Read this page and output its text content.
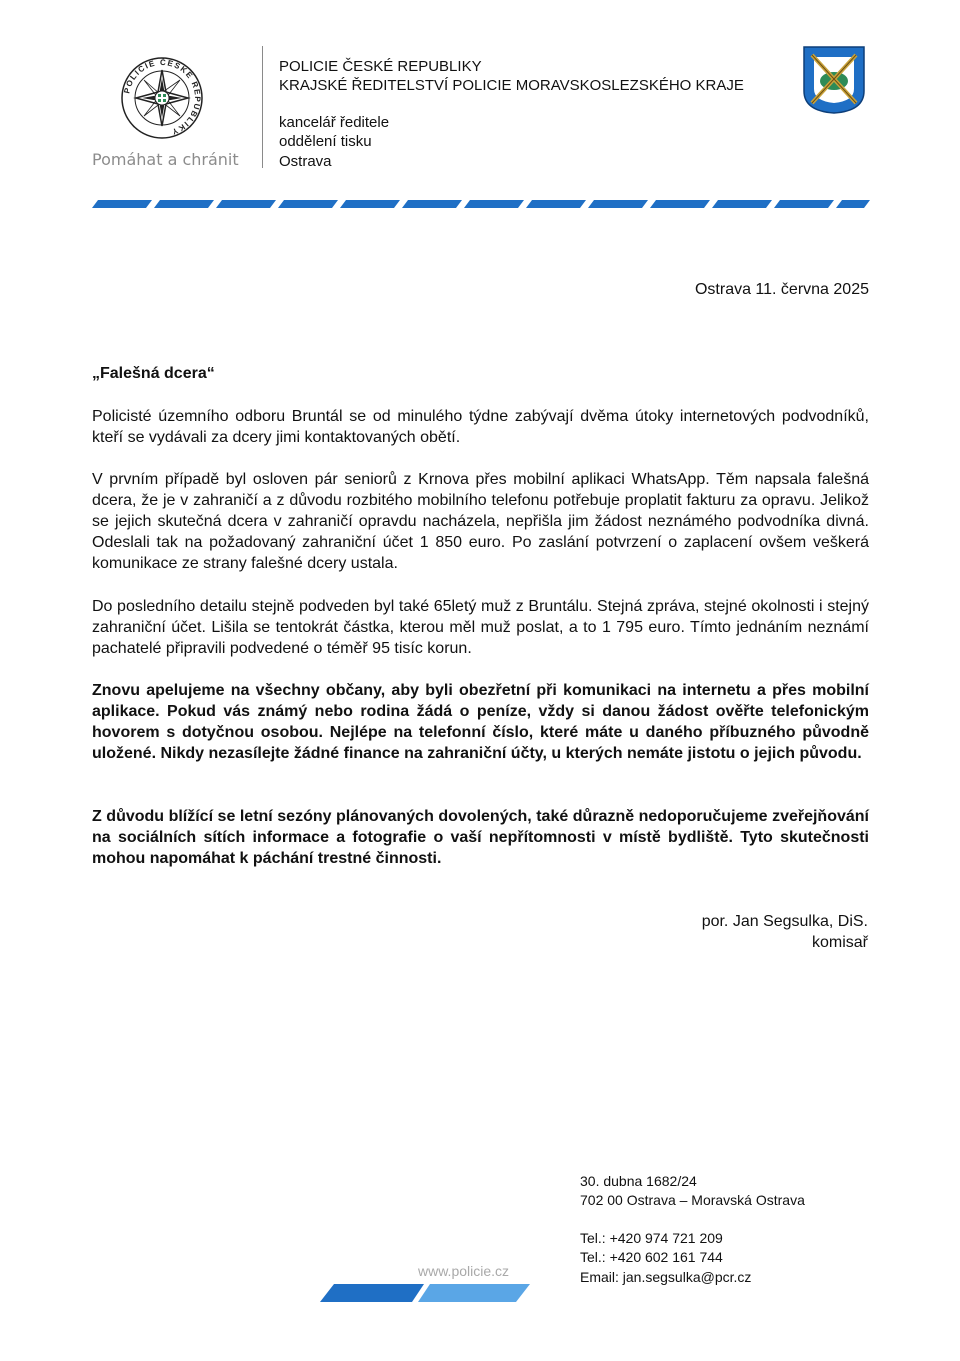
POLICIE ČESKÉ REPUBLIKY
Pomáhat a chránit
POLICIE ČESKÉ REPUBLIKY
KRAJSKÉ ŘEDITELSTVÍ POLICIE MORAVSKOSLEZSKÉHO KRAJE
kancelář ředitele
oddělení tisku
Ostrava
Ostrava 11. června 2025
„Falešná dcera“
Policisté územního odboru Bruntál se od minulého týdne zabývají dvěma útoky internetových podvodníků, kteří se vydávali za dcery jimi kontaktovaných obětí.
V prvním případě byl osloven pár seniorů z Krnova přes mobilní aplikaci WhatsApp. Těm napsala falešná dcera, že je v zahraničí a z důvodu rozbitého mobilního telefonu potřebuje proplatit fakturu za opravu. Jelikož se jejich skutečná dcera v zahraničí opravdu nacházela, nepřišla jim žádost neznámého podvodníka divná. Odeslali tak na požadovaný zahraniční účet 1 850 euro. Po zaslání potvrzení o zaplacení ovšem veškerá komunikace ze strany falešné dcery ustala.
Do posledního detailu stejně podveden byl také 65letý muž z Bruntálu. Stejná zpráva, stejné okolnosti i stejný zahraniční účet. Lišila se tentokrát částka, kterou měl muž poslat, a to 1 795 euro. Tímto jednáním neznámí pachatelé připravili podvedené o téměř 95 tisíc korun.
Znovu apelujeme na všechny občany, aby byli obezřetní při komunikaci na internetu a přes mobilní aplikace. Pokud vás známý nebo rodina žádá o peníze, vždy si danou žádost ověřte telefonickým hovorem s dotyčnou osobou. Nejlépe na telefonní číslo, které máte u daného příbuzného původně uložené. Nikdy nezasílejte žádné finance na zahraniční účty, u kterých nemáte jistotu o jejich původu.
Z důvodu blížící se letní sezóny plánovaných dovolených, také důrazně nedoporučujeme zveřejňování na sociálních sítích informace a fotografie o vaší nepřítomnosti v místě bydliště. Tyto skutečnosti mohou napomáhat k páchání trestné činnosti.
por. Jan Segsulka, DiS.
komisař
30. dubna 1682/24
702 00 Ostrava – Moravská Ostrava
Tel.: +420 974 721 209
Tel.: +420 602 161 744
Email: jan.segsulka@pcr.cz
www.policie.cz
